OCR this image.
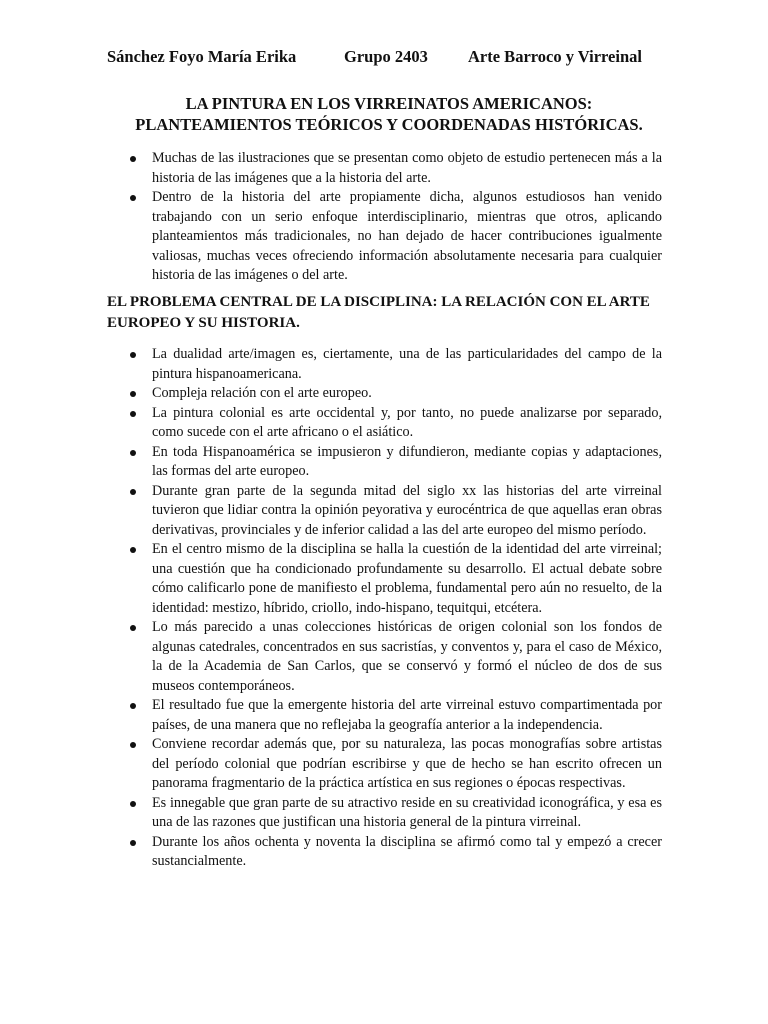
Sánchez Foyo María Erika	Grupo 2403 Arte Barroco y Virreinal
LA PINTURA EN LOS VIRREINATOS AMERICANOS:
PLANTEAMIENTOS TEÓRICOS Y COORDENADAS HISTÓRICAS.
Muchas de las ilustraciones que se presentan como objeto de estudio pertenecen más a la historia de las imágenes que a la historia del arte.
Dentro de la historia del arte propiamente dicha, algunos estudiosos han venido trabajando con un serio enfoque interdisciplinario, mientras que otros, aplicando planteamientos más tradicionales, no han dejado de hacer contribuciones igualmente valiosas, muchas veces ofreciendo información absolutamente necesaria para cualquier historia de las imágenes o del arte.
EL PROBLEMA CENTRAL DE LA DISCIPLINA: LA RELACIÓN CON EL ARTE EUROPEO Y SU HISTORIA.
La dualidad arte/imagen es, ciertamente, una de las particularidades del campo de la pintura hispanoamericana.
Compleja relación con el arte europeo.
La pintura colonial es arte occidental y, por tanto, no puede analizarse por separado, como sucede con el arte africano o el asiático.
En toda Hispanoamérica se impusieron y difundieron, mediante copias y adaptaciones, las formas del arte europeo.
Durante gran parte de la segunda mitad del siglo xx las historias del arte virreinal tuvieron que lidiar contra la opinión peyorativa y eurocéntrica de que aquellas eran obras derivativas, provinciales y de inferior calidad a las del arte europeo del mismo período.
En el centro mismo de la disciplina se halla la cuestión de la identidad del arte virreinal; una cuestión que ha condicionado profundamente su desarrollo. El actual debate sobre cómo calificarlo pone de manifiesto el problema, fundamental pero aún no resuelto, de la identidad: mestizo, híbrido, criollo, indo-hispano, tequitqui, etcétera.
Lo más parecido a unas colecciones históricas de origen colonial son los fondos de algunas catedrales, concentrados en sus sacristías, y conventos y, para el caso de México, la de la Academia de San Carlos, que se conservó y formó el núcleo de dos de sus museos contemporáneos.
El resultado fue que la emergente historia del arte virreinal estuvo compartimentada por países, de una manera que no reflejaba la geografía anterior a la independencia.
Conviene recordar además que, por su naturaleza, las pocas monografías sobre artistas del período colonial que podrían escribirse y que de hecho se han escrito ofrecen un panorama fragmentario de la práctica artística en sus regiones o épocas respectivas.
Es innegable que gran parte de su atractivo reside en su creatividad iconográfica, y esa es una de las razones que justifican una historia general de la pintura virreinal.
Durante los años ochenta y noventa la disciplina se afirmó como tal y empezó a crecer sustancialmente.
